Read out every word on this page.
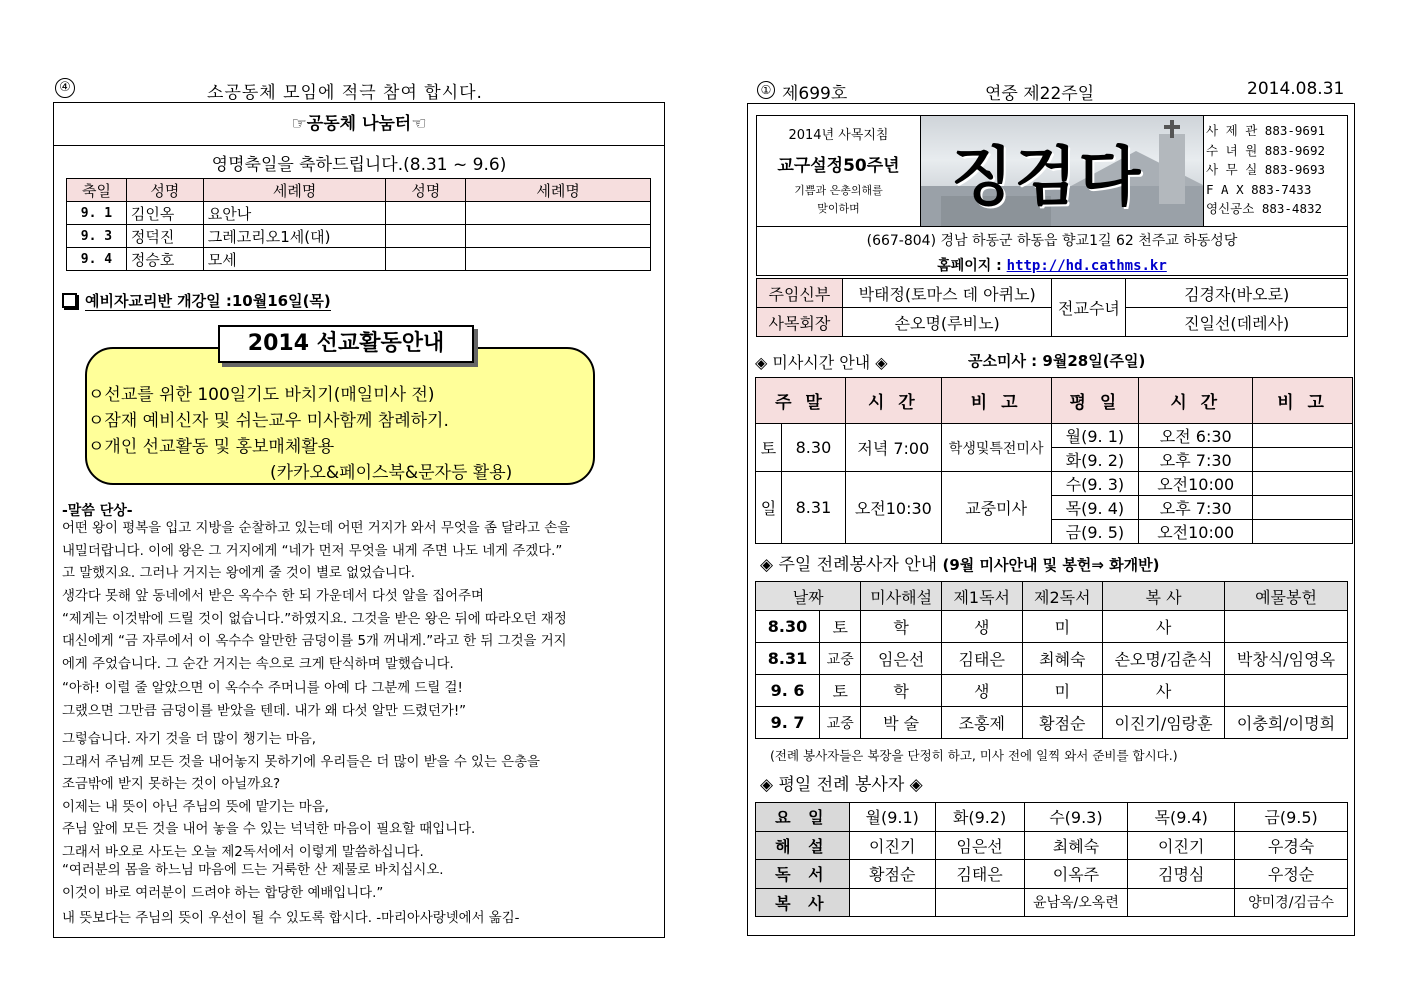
④	소공동체 모임에 적극 참여 합시다.
☞공동체 나눔터☜
영명축일을 축하드립니다.(8.31 ~ 9.6)
축일	성명	세례명	성명	세례명
9. 1	김인옥	요안나		
9. 3	정덕진	그레고리오1세(대)		
9. 4	정승호	모세		
예비자교리반 개강일 :10월16일(목)
2014 선교활동안내
ㅇ선교를 위한 100일기도 바치기(매일미사 전)
ㅇ잠재 예비신자 및 쉬는교우 미사함께 참례하기.
ㅇ개인 선교활동 및 홍보매체활용
(카카오&페이스북&문자등 활용)
-말씀 단상-

어떤 왕이 평복을 입고 지방을 순찰하고 있는데 어떤 거지가 와서 무엇을 좀 달라고 손을

내밀더랍니다. 이에 왕은 그 거지에게 “네가 먼저 무엇을 내게 주면 나도 네게 주겠다.”

고 말했지요. 그러나 거지는 왕에게 줄 것이 별로 없었습니다.

생각다 못해 앞 동네에서 받은 옥수수 한 되 가운데서 다섯 알을 집어주며

“제게는 이것밖에 드릴 것이 없습니다.”하였지요. 그것을 받은 왕은 뒤에 따라오던 재정

대신에게 “금 자루에서 이 옥수수 알만한 금덩이를 5개 꺼내게.”라고 한 뒤 그것을 거지

에게 주었습니다. 그 순간 거지는 속으로 크게 탄식하며 말했습니다.

“아하! 이럴 줄 알았으면 이 옥수수 주머니를 아예 다 그분께 드릴 걸!

그랬으면 그만큼 금덩이를 받았을 텐데. 내가 왜 다섯 알만 드렸던가!”

그렇습니다. 자기 것을 더 많이 챙기는 마음,

그래서 주님께 모든 것을 내어놓지 못하기에 우리들은 더 많이 받을 수 있는 은총을

조금밖에 받지 못하는 것이 아닐까요?

이제는 내 뜻이 아닌 주님의 뜻에 맡기는 마음,

주님 앞에 모든 것을 내어 놓을 수 있는 넉넉한 마음이 필요할 때입니다.

그래서 바오로 사도는 오늘 제2독서에서 이렇게 말씀하십니다.

“여러분의 몸을 하느님 마음에 드는 거룩한 산 제물로 바치십시오.

이것이 바로 여러분이 드려야 하는 합당한 예배입니다.”

내 뜻보다는 주님의 뜻이 우선이 될 수 있도록 합시다. -마리아사랑넷에서 옮김-

① 제699호	연중 제22주일	2014.08.31
2014년 사목지침
교구설정50주년
기쁨과 은총의해를
맞이하며	징검다
사 제 관 883-9691
수 녀 원 883-9692
사 무 실 883-9693
F A X 883-7433
영신공소 883-4832
(667-804) 경남 하동군 하동읍 향교1길 62 천주교 하동성당
홈페이지 : http://hd.cathms.kr
주임신부	박태정(토마스 데 아퀴노)	전교수녀	김경자(바오로)
사목회장	손오명(루비노)		진일선(데레사)
◈ 미사시간 안내 ◈	공소미사 : 9월28일(주일)
주 말		시 간	비 고	평 일	시 간	비 고
토	8.30	저녁 7:00	학생및특전미사	월(9. 1)	오전 6:30	
				화(9. 2)	오후 7:30	
일	8.31	오전10:30	교중미사	수(9. 3)	오전10:00	
				목(9. 4)	오후 7:30	
				금(9. 5)	오전10:00	
◈ 주일 전례봉사자 안내 (9월 미사안내 및 봉헌⇒ 화개반)
날짜		미사해설	제1독서	제2독서	복 사	예물봉헌
8.30	토	학	생	미	사	
8.31	교중	임은선	김태은	최혜숙	손오명/김춘식	박창식/임영옥
9. 6	토	학	생	미	사	
9. 7	교중	박 술	조홍제	황점순	이진기/임랑훈	이충희/이명희
(전례 봉사자들은 복장을 단정히 하고, 미사 전에 일찍 와서 준비를 합시다.)
◈ 평일 전례 봉사자 ◈
요 일	월(9.1)	화(9.2)	수(9.3)	목(9.4)	금(9.5)
해 설	이진기	임은선	최혜숙	이진기	우경숙
독 서	황점순	김태은	이옥주	김명심	우정순
복 사			윤남옥/오옥련		양미경/김금수
